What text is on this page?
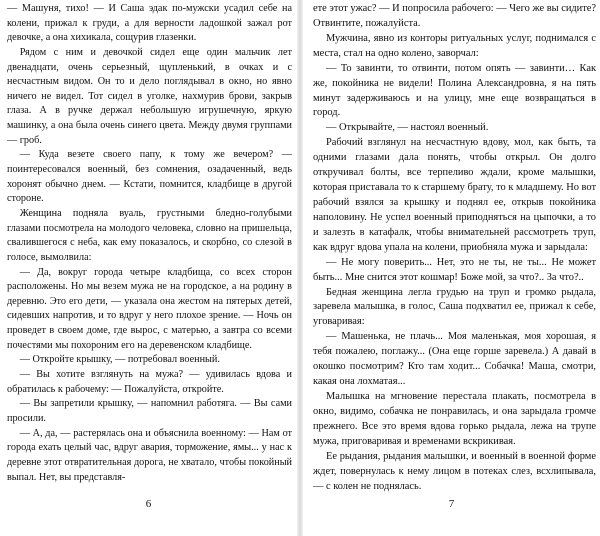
— Машуня, тихо! — И Саша эдак по-мужски усадил себе на колени, прижал к груди, а для верности ладошкой зажал рот девочке, а она хихикала, сощурив глазенки.

Рядом с ним и девочкой сидел еще один мальчик лет двенадцати, очень серьезный, щупленький, в очках и с несчастным видом. Он то и дело поглядывал в окно, но явно ничего не видел. Тот сидел в уголке, нахмурив брови, закрыв глаза. А в ручке держал небольшую игрушечную, яркую машинку, а она была очень синего цвета. Между двумя группами — гроб.

— Куда везете своего папу, к тому же вечером? — поинтересовался военный, без сомнения, озадаченный, ведь хоронят обычно днем. — Кстати, помнится, кладбище в другой стороне.

Женщина подняла вуаль, грустными бледно-голубыми глазами посмотрела на молодого человека, словно на пришельца, свалившегося с неба, как ему показалось, и скорбно, со слезой в голосе, вымолвила:

— Да, вокруг города четыре кладбища, со всех сторон расположены. Но мы везем мужа не на городское, а на родину в деревню. Это его дети, — указала она жестом на пятерых детей, сидевших напротив, и то вдруг у него плохое зрение. — Ночь он проведет в своем доме, где вырос, с матерью, а завтра со всеми почестями мы похороним его на деревенском кладбище.

— Откройте крышку, — потребовал военный.

— Вы хотите взглянуть на мужа? — удивилась вдова и обратилась к рабочему: — Пожалуйста, откройте.

— Вы запретили крышку, — напомнил работяга. — Вы сами просили.

— А, да, — растерялась она и объяснила военному: — Нам от города ехать целый час, вдруг авария, торможение, ямы... у нас к деревне этот отвратительная дорога, не хватало, чтобы покойный выпал. Нет, вы представля-

6

ете этот ужас? — И попросила рабочего: — Чего же вы сидите? Отвинтите, пожалуйста.

Мужчина, явно из конторы ритуальных услуг, поднимался с места, стал на одно колено, заворчал:

— То завинти, то отвинти, потом опять — завинти… Как же, покойника не видели! Полина Александровна, я на пять минут задерживаюсь и на улицу, мне еще возвращаться в город.

— Открывайте, — настоял военный.

Рабочий взглянул на несчастную вдову, мол, как быть, та одними глазами дала понять, чтобы открыл. Он долго откручивал болты, все терпеливо ждали, кроме малышки, которая приставала то к старшему брату, то к младшему. Но вот рабочий взялся за крышку и поднял ее, открыв покойника наполовину. Не успел военный приподняться на цыпочки, а то и залезть в катафалк, чтобы внимательней рассмотреть труп, как вдруг вдова упала на колени, приобняла мужа и зарыдала:

— Не могу поверить... Нет, это не ты, не ты... Не может быть... Мне снится этот кошмар! Боже мой, за что?.. За что?..

Бедная женщина легла грудью на труп и громко рыдала, заревела малышка, в голос, Саша подхватил ее, прижал к себе, уговаривая:

— Машенька, не плачь... Моя маленькая, моя хорошая, я тебя пожалею, поглажу... (Она еще горше заревела.) А давай в окошко посмотрим? Кто там ходит... Собачка! Маша, смотри, какая она лохматая...

Малышка на мгновение перестала плакать, посмотрела в окно, видимо, собачка не понравилась, и она зарыдала громче прежнего. Все это время вдова горько рыдала, лежа на трупе мужа, приговаривая и временами вскрикивая.

Ее рыдания, рыдания малышки, и военный в военной форме ждет, повернулась к нему лицом в потеках слез, всхлипывала, — с колен не поднялась.

7
